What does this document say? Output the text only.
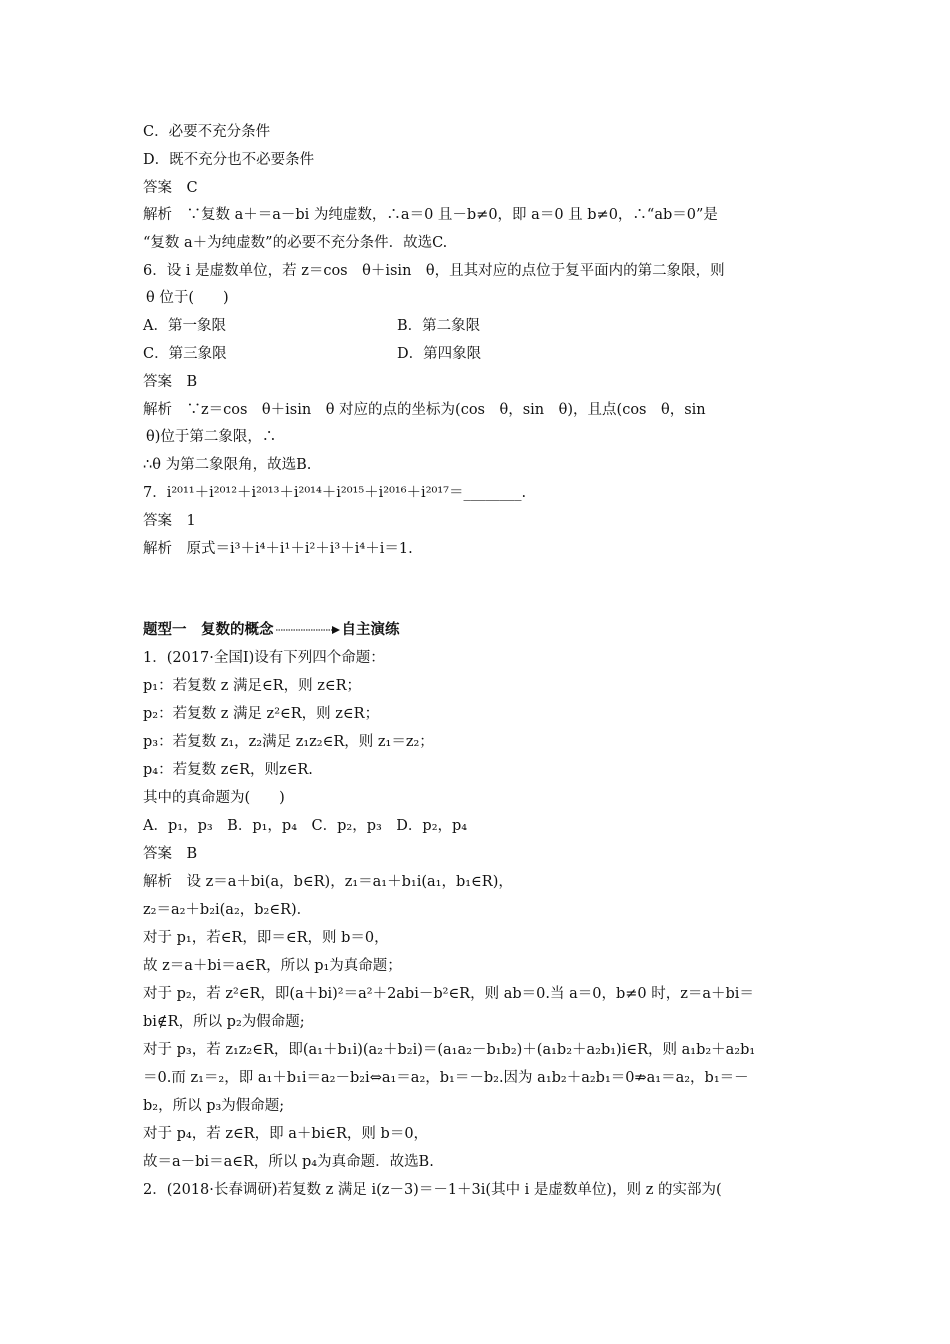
C．必要不充分条件
D．既不充分也不必要条件
答案　C
解析　∵复数 a＋＝a－bi 为纯虚数，∴a＝0 且－b≠0，即 a＝0 且 b≠0，∴“ab＝0”是
“复数 a＋为纯虚数”的必要不充分条件．故选C.
6．设 i 是虚数单位，若 z＝cos　θ＋isin　θ，且其对应的点位于复平面内的第二象限，则
θ 位于(　　)
A．第一象限	B．第二象限
C．第三象限	D．第四象限
答案　B
解析　∵z＝cos　θ＋isin　θ 对应的点的坐标为(cos　θ，sin　θ)，且点(cos　θ，sin
θ)位于第二象限，∴
∴θ 为第二象限角，故选B.
7．i²⁰¹¹＋i²⁰¹²＋i²⁰¹³＋i²⁰¹⁴＋i²⁰¹⁵＋i²⁰¹⁶＋i²⁰¹⁷＝________.
答案　1
解析　原式＝i³＋i⁴＋i¹＋i²＋i³＋i⁴＋i＝1.
题型一　复数的概念	自主演练
1．(2017·全国Ⅰ)设有下列四个命题：
p₁：若复数 z 满足∈R，则 z∈R；
p₂：若复数 z 满足 z²∈R，则 z∈R；
p₃：若复数 z₁，z₂满足 z₁z₂∈R，则 z₁＝z₂；
p₄：若复数 z∈R，则z∈R.
其中的真命题为(　　)
A．p₁，p₃　B．p₁，p₄　C．p₂，p₃　D．p₂，p₄
答案　B
解析　设 z＝a＋bi(a，b∈R)，z₁＝a₁＋b₁i(a₁，b₁∈R)，
z₂＝a₂＋b₂i(a₂，b₂∈R)．
对于 p₁，若∈R，即＝∈R，则 b＝0，
故 z＝a＋bi＝a∈R，所以 p₁为真命题；
对于 p₂，若 z²∈R，即(a＋bi)²＝a²＋2abi－b²∈R，则 ab＝0.当 a＝0，b≠0 时，z＝a＋bi＝
bi∉R，所以 p₂为假命题;
对于 p₃，若 z₁z₂∈R，即(a₁＋b₁i)(a₂＋b₂i)＝(a₁a₂－b₁b₂)＋(a₁b₂＋a₂b₁)i∈R，则 a₁b₂＋a₂b₁
＝0.而 z₁＝₂，即 a₁＋b₁i＝a₂－b₂i⇔a₁＝a₂，b₁＝－b₂.因为 a₁b₂＋a₂b₁＝0⇏a₁＝a₂，b₁＝－
b₂，所以 p₃为假命题;
对于 p₄，若 z∈R，即 a＋bi∈R，则 b＝0，
故＝a－bi＝a∈R，所以 p₄为真命题．故选B.
2．(2018·长春调研)若复数 z 满足 i(z－3)＝－1＋3i(其中 i 是虚数单位)，则 z 的实部为(
